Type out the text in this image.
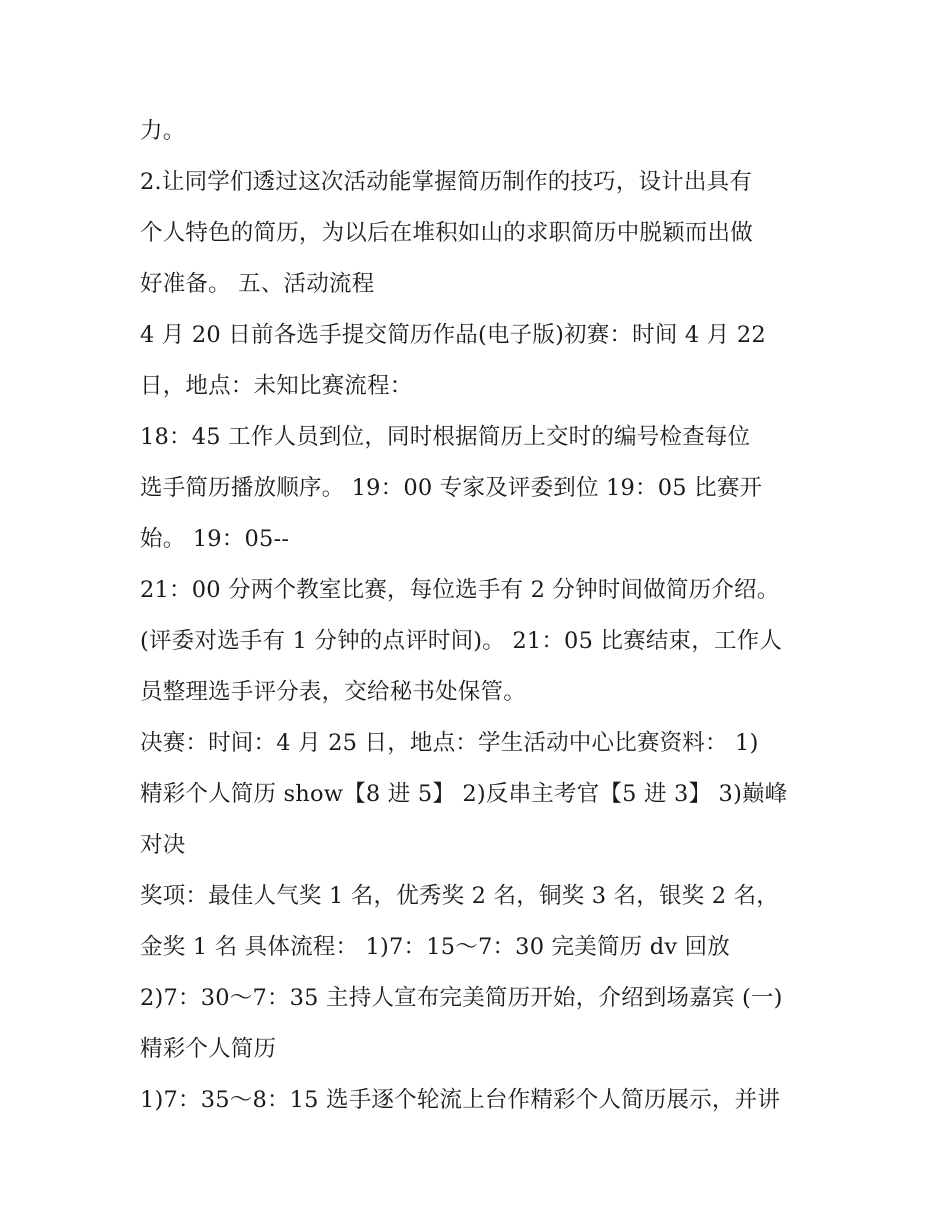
力。
2.让同学们透过这次活动能掌握简历制作的技巧，设计出具有
个人特色的简历，为以后在堆积如山的求职简历中脱颖而出做
好准备。 五、活动流程
4 月 20 日前各选手提交简历作品(电子版)初赛：时间 4 月 22
日，地点：未知比赛流程：
18：45 工作人员到位，同时根据简历上交时的编号检查每位
选手简历播放顺序。 19：00 专家及评委到位 19：05 比赛开
始。 19：05--
21：00 分两个教室比赛，每位选手有 2 分钟时间做简历介绍。
(评委对选手有 1 分钟的点评时间)。 21：05 比赛结束，工作人
员整理选手评分表，交给秘书处保管。
决赛：时间：4 月 25 日，地点：学生活动中心比赛资料： 1)
精彩个人简历 show【8 进 5】 2)反串主考官【5 进 3】 3)巅峰
对决
奖项：最佳人气奖 1 名，优秀奖 2 名，铜奖 3 名，银奖 2 名，
金奖 1 名 具体流程： 1)7：15～7：30 完美简历 dv 回放
2)7：30～7：35 主持人宣布完美简历开始，介绍到场嘉宾 (一)
精彩个人简历
1)7：35～8：15 选手逐个轮流上台作精彩个人简历展示，并讲
